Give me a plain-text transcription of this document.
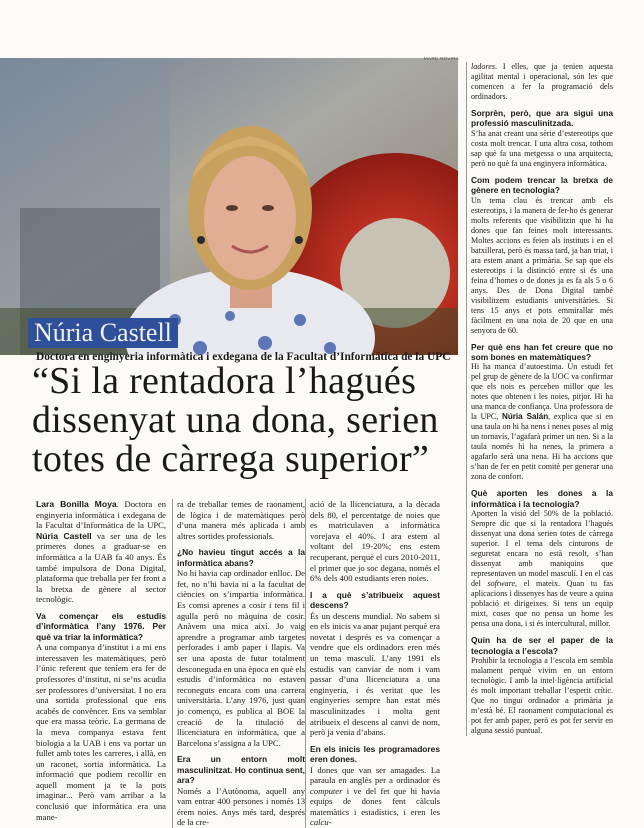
MARC ROVIRA
Núria Castell
Doctora en enginyeria informàtica i exdegana de la Facultat d’Informàtica de la UPC
“Si la rentadora l’hagués
dissenyat una dona, serien
totes de càrrega superior”

Lara Bonilla Moya. Doctora en enginyeria informàtica i exdegana de la Facultat d’Informàtica de la UPC, Núria Castell va ser una de les primeres dones a graduar-se en informàtica a la UAB fa 40 anys. És també impulsora de Dona Digital, plataforma que treballa per fer front a la bretxa de gènere al sector tecnològic.

Va començar els estudis d’informàtica l’any 1976. Per què va triar la informàtica?

A una companya d’institut i a mi ens interessaven les matemàtiques, però l’únic referent que teníem era fer de professores d’institut, ni se’ns acudia ser professores d’universitat. I no era una sortida professional que ens acabés de convèncer. Ens va semblar que era massa teòric. La germana de la meva companya estava fent biologia a la UAB i ens va portar un fullet amb totes les carreres, i allà, en un raconet, sortia informàtica. La informació que podiem recollir en aquell moment ja te la pots imaginar... Però vam arribar a la conclusió que informàtica era una mane-

ra de treballar temes de raonament, de lògica i de matemàtiques però d’una manera més aplicada i amb altres sortides professionals.

¿No havieu tingut accés a la informàtica abans?

No hi havia cap ordinador enlloc. De fet, no n’hi havia ni a la facultat de ciències on s’impartia informàtica. Es comsi aprenes a cosir i tens fil i agulla però no màquina de cosir. Anàvem una mica així. Jo vaig aprendre a programar amb targetes perforades i amb paper i llapis. Va ser una aposta de futur totalment desconeguda en una època en què els estudis d’informàtica no estaven reconeguts encara com una carrera universitària. L’any 1976, just quan jo començo, es publica al BOE la creació de la titulació de llicenciatura en informàtica, que a Barcelona s’assigna a la UPC.

Era un entorn molt masculinitzat. Ho continua sent, ara?

Només a l’Autònoma, aquell any vam entrar 400 persones i només 13 érem noies. Anys més tard, després de la cre-

ació de la llicenciatura, a la dècada dels 80, el percentatge de noies que es matriculaven a informàtica vorejava el 40%. I ara estem al voltant del 19-20%; ens estem recuperant, perquè el curs 2010-2011, el primer que jo soc degana, només el 6% dels 400 estudiants eren noies.

I a què s’atribueix aquest descens?

És un descens mundial. No sabem si en els inicis va anar pujant perquè era novetat i després es va començar a vendre que els ordinadors eren més un tema masculí. L’any 1991 els estudis van canviar de nom i vam passar d’una llicenciatura a una enginyeria, i és veritat que les enginyeries sempre han estat més masculinitzades i molta gent atribueix el descens al canvi de nom, però ja venia d’abans.

En els inicis les programadores eren dones.

I dones que van ser amagades. La paraula en anglès per a ordinador és computer i ve del fet que hi havia equips de dones fent càlculs matemàtics i estadístics, i eren les calcu-

ladores. I elles, que ja tenien aquesta agilitat mental i operacional, són les que comencen a fer la programació dels ordinadors.

Sorprèn, però, que ara sigui una professió masculinitzada.

S’ha anat creant una sèrie d’estereotips que costa molt trencar. I una altra cosa, tothom sap què fa una metgessa o una arquitecta, però no què fa una enginyera informàtica.

Com podem trencar la bretxa de gènere en tecnologia?

Un tema clau és trencar amb els estereotips, i la manera de fer-ho és generar molts referents que visibilitzin que hi ha dones que fan feines molt interessants. Moltes accions es feien als instituts i en el batxillerat, però és massa tard, ja han triat, i ara estem anant a primària. Se sap que els estereotips i la distinció entre si és una feina d’homes o de dones ja es fa als 5 o 6 anys. Des de Dona Digital també visibilitzem estudiants universitàries. Si tens 15 anys et pots emmirallar més fàcilment en una noia de 20 que en una senyora de 60.

Per què ens han fet creure que no som bones en matemàtiques?

Hi ha manca d’autoestima. Un estudi fet pel grup de gènere de la UOC va confirmar que els nois es perceben millor que les notes que obtenen i les noies, pitjor. Hi ha una manca de confiança. Una professora de la UPC, Núria Salán, explica que si en una taula on hi ha nens i nenes poses al mig un tornavís, l’agafarà primer un nen. Si a la taula només hi ha nenes, la primera a agafarlo serà una nena. Hi ha accions que s’han de fer en petit comitè per generar una zona de confort.

Què aporten les dones a la informàtica i la tecnologia?

Aporten la visió del 50% de la població. Sempre dic que si la rentadora l’hagués dissenyat una dona serien totes de càrrega superior. I el tema dels cinturons de seguretat encara no està resolt, s’han dissenyat amb maniquins que representaven un model masculí. I en el cas del software, el mateix. Quan tu fas aplicacions i dissenyes has de veure a quina població et dirigeixes. Si tens un equip mixt, coses que no pensa un home les pensa una dona, i si és intercultural, millor.

Quin ha de ser el paper de la tecnologia a l’escola?

Prohibir la tecnologia a l’escola em sembla malament perquè vivim en un entorn tecnològic. I amb la intel·ligència artificial és molt important treballar l’esperit crític. Que no tingui ordinador a primària ja m’està bé. El raonament computacional es pot fer amb paper, però es pot fer servir en alguna sessió puntual.
